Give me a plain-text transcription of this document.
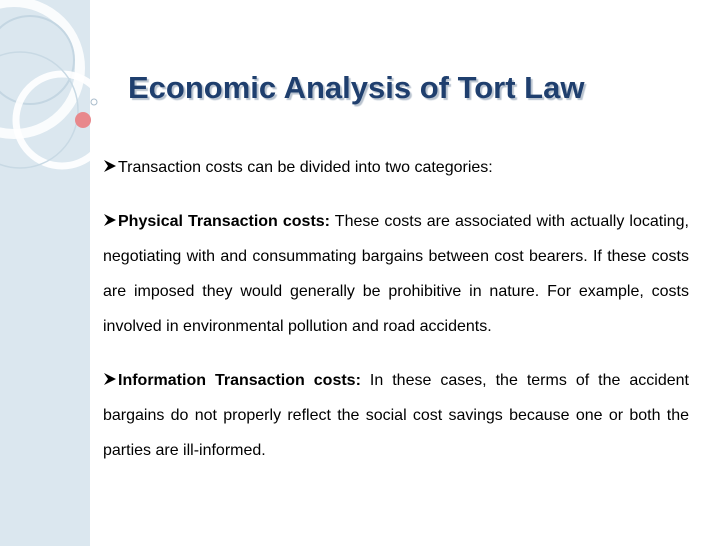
Economic Analysis of Tort Law
Transaction costs can be divided into two categories:
Physical Transaction costs: These costs are associated with actually locating, negotiating with and consummating bargains between cost bearers. If these costs are imposed they would generally be prohibitive in nature. For example, costs involved in environmental pollution and road accidents.
Information Transaction costs: In these cases, the terms of the accident bargains do not properly reflect the social cost savings because one or both the parties are ill-informed.
